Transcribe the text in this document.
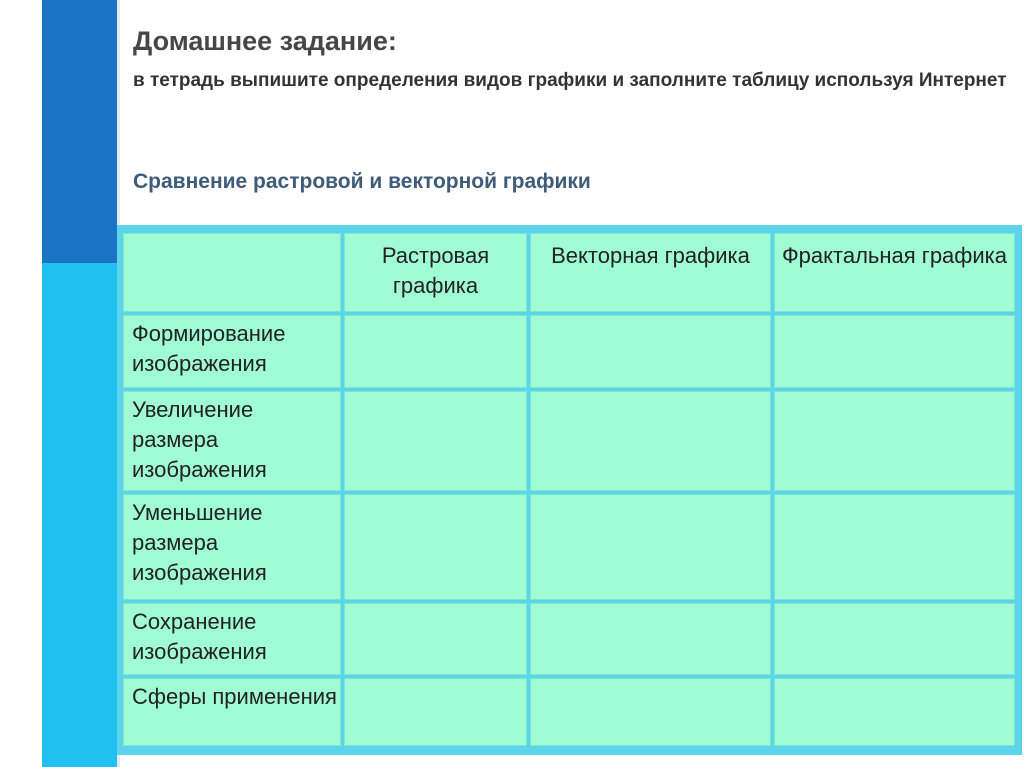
Домашнее задание:
в тетрадь выпишите определения видов графики и заполните таблицу используя Интернет
Сравнение растровой и векторной графики
	Растровая графика	Векторная графика	Фрактальная графика
Формирование изображения			
Увеличение размера изображения			
Уменьшение размера изображения			
Сохранение изображения			
Сферы применения			
